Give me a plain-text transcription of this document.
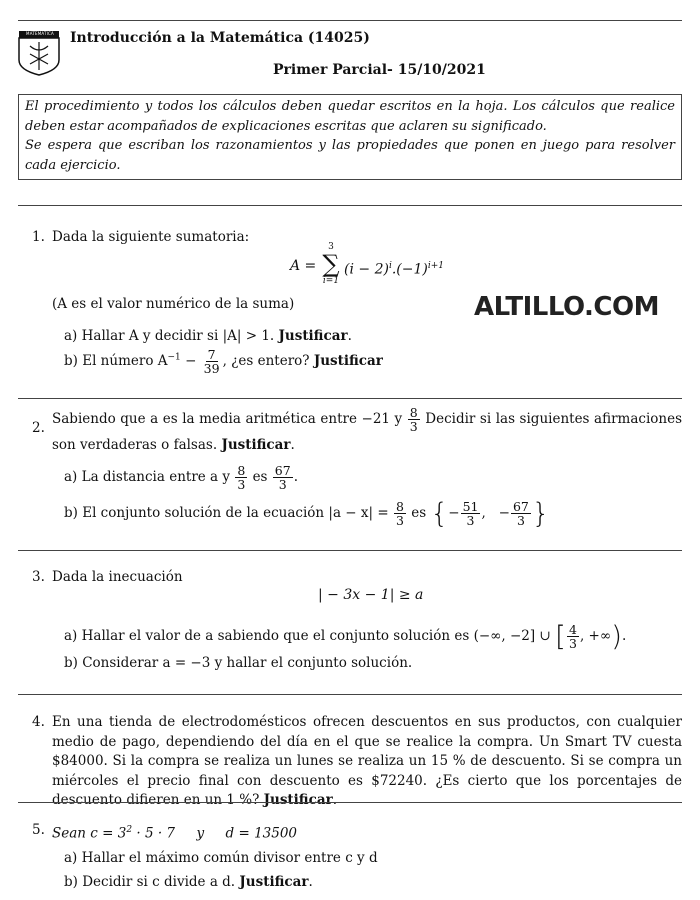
MATEMATICA	Introducción a la Matemática (14025)
Primer Parcial- 15/10/2021
El procedimiento y todos los cálculos deben quedar escritos en la hoja. Los cálculos que realice deben estar acompañados de explicaciones escritas que aclaren su significado.
Se espera que escriban los razonamientos y las propiedades que ponen en juego para resolver cada ejercicio.
1. Dada la siguiente sumatoria:
A =
3
∑
i=1
$(i - 2)^i.(-1)^{i+1}$
(A es el valor numérico de la suma)	ALTILLO.COM
a) Hallar A y decidir si |A| > 1. Justificar.
b) El número $A^{-1} - \frac{7}{39}$ , ¿es entero? Justificar
2.
Sabiendo que a es la media aritmética entre −21 y $\frac{8}{3}$ Decidir si las siguientes afirmaciones son verdaderas o falsas. Justificar.
a) La distancia entre a y $\frac{8}{3}$ es $\frac{67}{3}$ .
b) El conjunto solución de la ecuación $|a - x| = \frac{8}{3}$ es {− $\frac{51}{3}$ , − $\frac{67}{3}$ }
3. Dada la inecuación
| − 3x − 1| ≥ a
a) Hallar el valor de a sabiendo que el conjunto solución es (−∞, −2] ∪ [ $\frac{4}{3}$ , +∞).
b) Considerar a = −3 y hallar el conjunto solución.
4. En una tienda de electrodomésticos ofrecen descuentos en sus productos, con cualquier medio de pago, dependiendo del día en el que se realice la compra. Un Smart TV cuesta $84000. Si la compra se realiza un lunes se realiza un 15 % de descuento. Si se compra un miércoles el precio final con descuento es $72240. ¿Es cierto que los porcentajes de descuento difieren en un 1 %? Justificar.
5. Sean $c = 3^2 \cdot 5 \cdot 7$     y     d = 13500
a) Hallar el máximo común divisor entre c y d
b) Decidir si c divide a d. Justificar.
